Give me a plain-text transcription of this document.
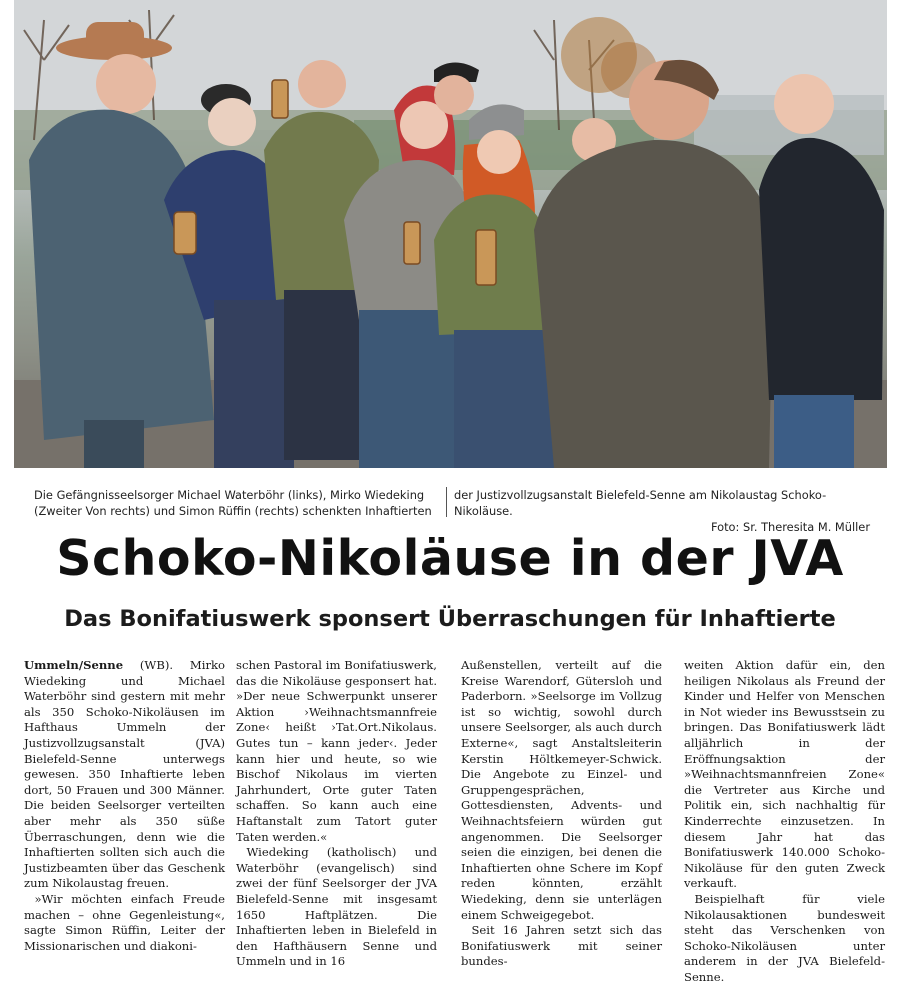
Die Gefängnisseelsorger Michael Waterböhr (links), Mirko Wiedeking (Zweiter Von rechts) und Simon Rüffin (rechts) schenkten Inhaftierten
der Justizvollzugsanstalt Bielefeld-Senne am Nikolaustag Schoko-Nikoläuse.
Foto: Sr. Theresita M. Müller
Schoko-Nikoläuse in der JVA
Das Bonifatiuswerk sponsert Überraschungen für Inhaftierte

Ummeln/Senne (WB). Mirko Wiedeking und Michael Waterböhr sind gestern mit mehr als 350 Schoko-Nikoläusen im Hafthaus Ummeln der Justizvollzugsanstalt (JVA) Bielefeld-Senne unterwegs gewesen. 350 Inhaftierte leben dort, 50 Frauen und 300 Männer. Die beiden Seelsorger verteilten aber mehr als 350 süße Überraschungen, denn wie die Inhaftierten sollten sich auch die Justizbeamten über das Geschenk zum Nikolaustag freuen.

»Wir möchten einfach Freude machen – ohne Gegenleistung«, sagte Simon Rüffin, Leiter der Missionarischen und diakoni-

schen Pastoral im Bonifatiuswerk, das die Nikoläuse gesponsert hat. »Der neue Schwerpunkt unserer Aktion ›Weihnachtsmannfreie Zone‹ heißt ›Tat.Ort.Nikolaus. Gutes tun – kann jeder‹. Jeder kann hier und heute, so wie Bischof Nikolaus im vierten Jahrhundert, Orte guter Taten schaffen. So kann auch eine Haftanstalt zum Tatort guter Taten werden.«

Wiedeking (katholisch) und Waterböhr (evangelisch) sind zwei der fünf Seelsorger der JVA Bielefeld-Senne mit insgesamt 1650 Haftplätzen. Die Inhaftierten leben in Bielefeld in den Hafthäusern Senne und Ummeln und in 16

Außenstellen, verteilt auf die Kreise Warendorf, Gütersloh und Paderborn. »Seelsorge im Vollzug ist so wichtig, sowohl durch unsere Seelsorger, als auch durch Externe«, sagt Anstaltsleiterin Kerstin Höltkemeyer-Schwick. Die Angebote zu Einzel- und Gruppengesprächen, Gottesdiensten, Advents- und Weihnachtsfeiern würden gut angenommen. Die Seelsorger seien die einzigen, bei denen die Inhaftierten ohne Schere im Kopf reden könnten, erzählt Wiedeking, denn sie unterlägen einem Schweigegebot.

Seit 16 Jahren setzt sich das Bonifatiuswerk mit seiner bundes-

weiten Aktion dafür ein, den heiligen Nikolaus als Freund der Kinder und Helfer von Menschen in Not wieder ins Bewusstsein zu bringen. Das Bonifatiuswerk lädt alljährlich in der Eröffnungsaktion der »Weihnachtsmannfreien Zone« die Vertreter aus Kirche und Politik ein, sich nachhaltig für Kinderrechte einzusetzen. In diesem Jahr hat das Bonifatiuswerk 140.000 Schoko-Nikoläuse für den guten Zweck verkauft.

Beispielhaft für viele Nikolausaktionen bundesweit steht das Verschenken von Schoko-Nikoläusen unter anderem in der JVA Bielefeld-Senne.
